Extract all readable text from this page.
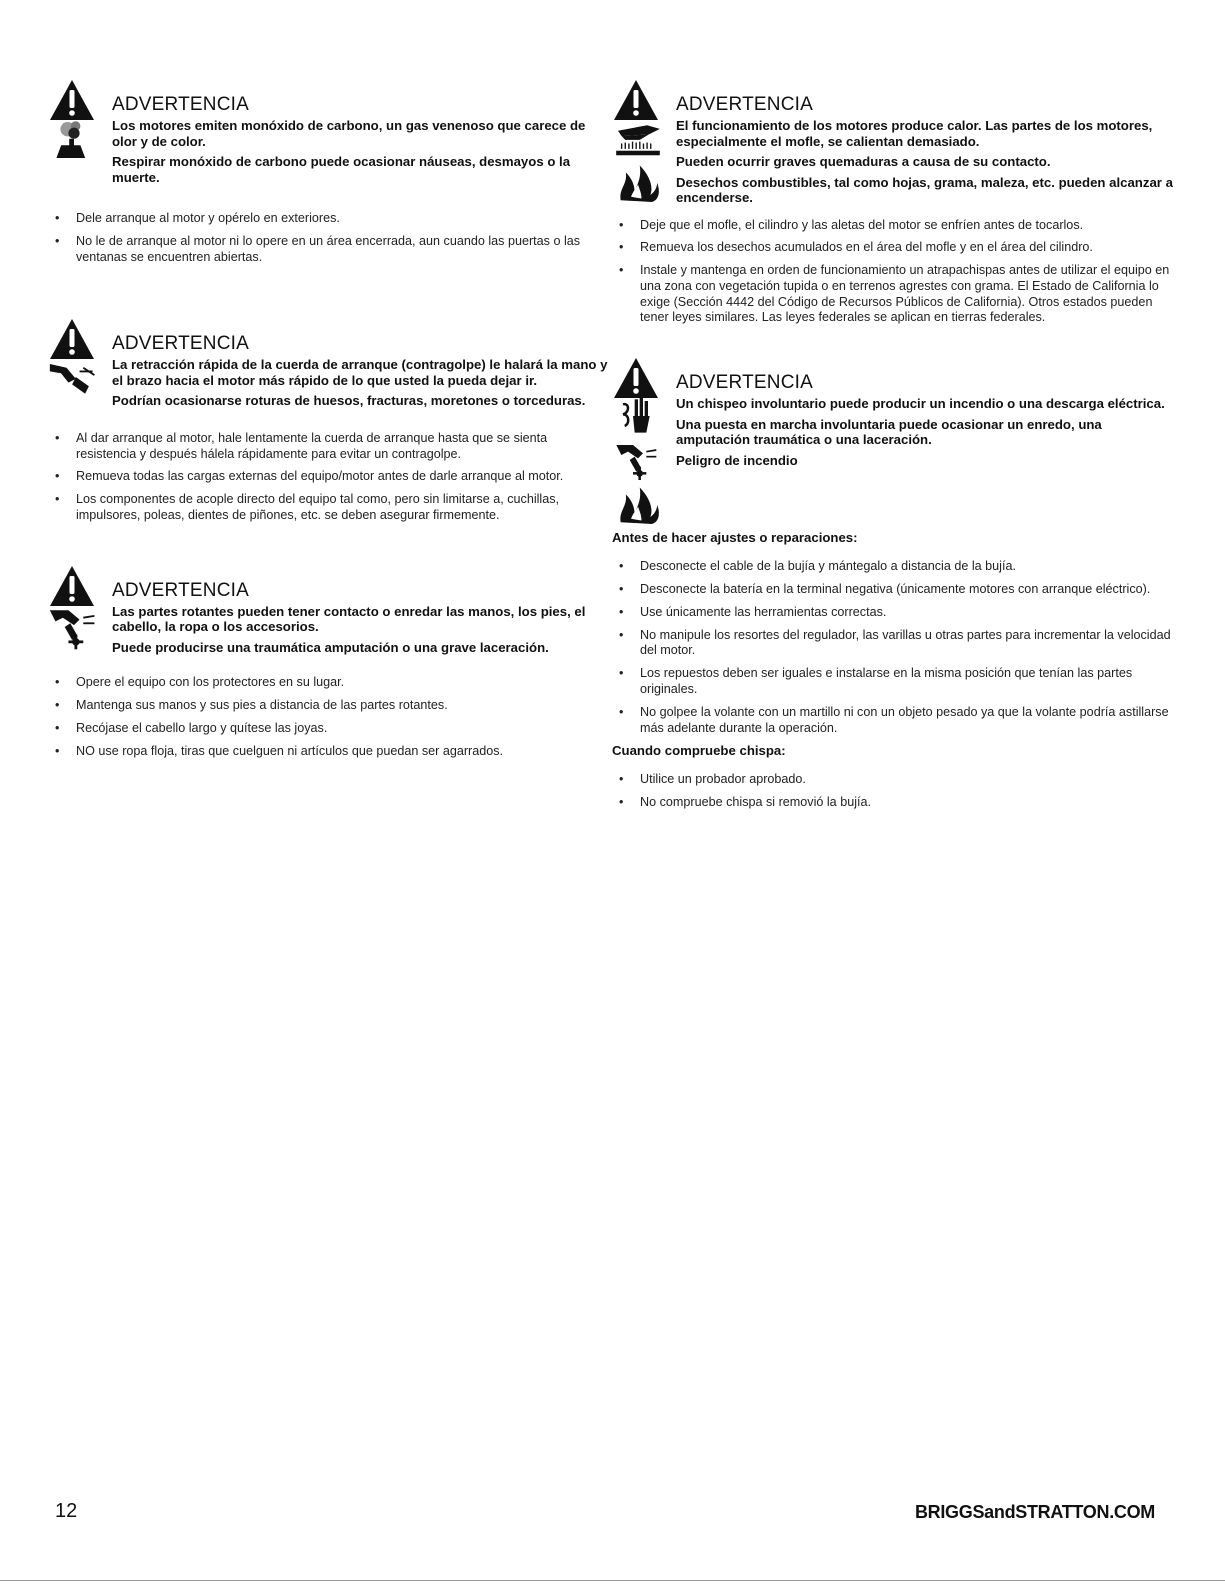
ADVERTENCIA

Los motores emiten monóxido de carbono, un gas venenoso que carece de olor y de color.

Respirar monóxido de carbono puede ocasionar náuseas, desmayos o la muerte.

• Dele arranque al motor y opérelo en exteriores.
• No le de arranque al motor ni lo opere en un área encerrada, aun cuando las puertas o las ventanas se encuentren abiertas.
ADVERTENCIA

La retracción rápida de la cuerda de arranque (contragolpe) le halará la mano y el brazo hacia el motor más rápido de lo que usted la pueda dejar ir.

Podrían ocasionarse roturas de huesos, fracturas, moretones o torceduras.

• Al dar arranque al motor, hale lentamente la cuerda de arranque hasta que se sienta resistencia y después hálela rápidamente para evitar un contragolpe.
• Remueva todas las cargas externas del equipo/motor antes de darle arranque al motor.
• Los componentes de acople directo del equipo tal como, pero sin limitarse a, cuchillas, impulsores, poleas, dientes de piñones, etc. se deben asegurar firmemente.
ADVERTENCIA

Las partes rotantes pueden tener contacto o enredar las manos, los pies, el cabello, la ropa o los accesorios.

Puede producirse una traumática amputación o una grave laceración.

• Opere el equipo con los protectores en su lugar.
• Mantenga sus manos y sus pies a distancia de las partes rotantes.
• Recójase el cabello largo y quítese las joyas.
• NO use ropa floja, tiras que cuelguen ni artículos que puedan ser agarrados.
ADVERTENCIA

El funcionamiento de los motores produce calor. Las partes de los motores, especialmente el mofle, se calientan demasiado.

Pueden ocurrir graves quemaduras a causa de su contacto.

Desechos combustibles, tal como hojas, grama, maleza, etc. pueden alcanzar a encenderse.

• Deje que el mofle, el cilindro y las aletas del motor se enfríen antes de tocarlos.
• Remueva los desechos acumulados en el área del mofle y en el área del cilindro.
• Instale y mantenga en orden de funcionamiento un atrapachispas antes de utilizar el equipo en una zona con vegetación tupida o en terrenos agrestes con grama. El Estado de California lo exige (Sección 4442 del Código de Recursos Públicos de California). Otros estados pueden tener leyes similares. Las leyes federales se aplican en tierras federales.
ADVERTENCIA

Un chispeo involuntario puede producir un incendio o una descarga eléctrica.

Una puesta en marcha involuntaria puede ocasionar un enredo, una amputación traumática o una laceración.

Peligro de incendio

Antes de hacer ajustes o reparaciones:
• Desconecte el cable de la bujía y mántegalo a distancia de la bujía.
• Desconecte la batería en la terminal negativa (únicamente motores con arranque eléctrico).
• Use únicamente las herramientas correctas.
• No manipule los resortes del regulador, las varillas u otras partes para incrementar la velocidad del motor.
• Los repuestos deben ser iguales e instalarse en la misma posición que tenían las partes originales.
• No golpee la volante con un martillo ni con un objeto pesado ya que la volante podría astillarse más adelante durante la operación.
Cuando compruebe chispa:
• Utilice un probador aprobado.
• No compruebe chispa si removió la bujía.
12	BRIGGSandSTRATTON.COM
